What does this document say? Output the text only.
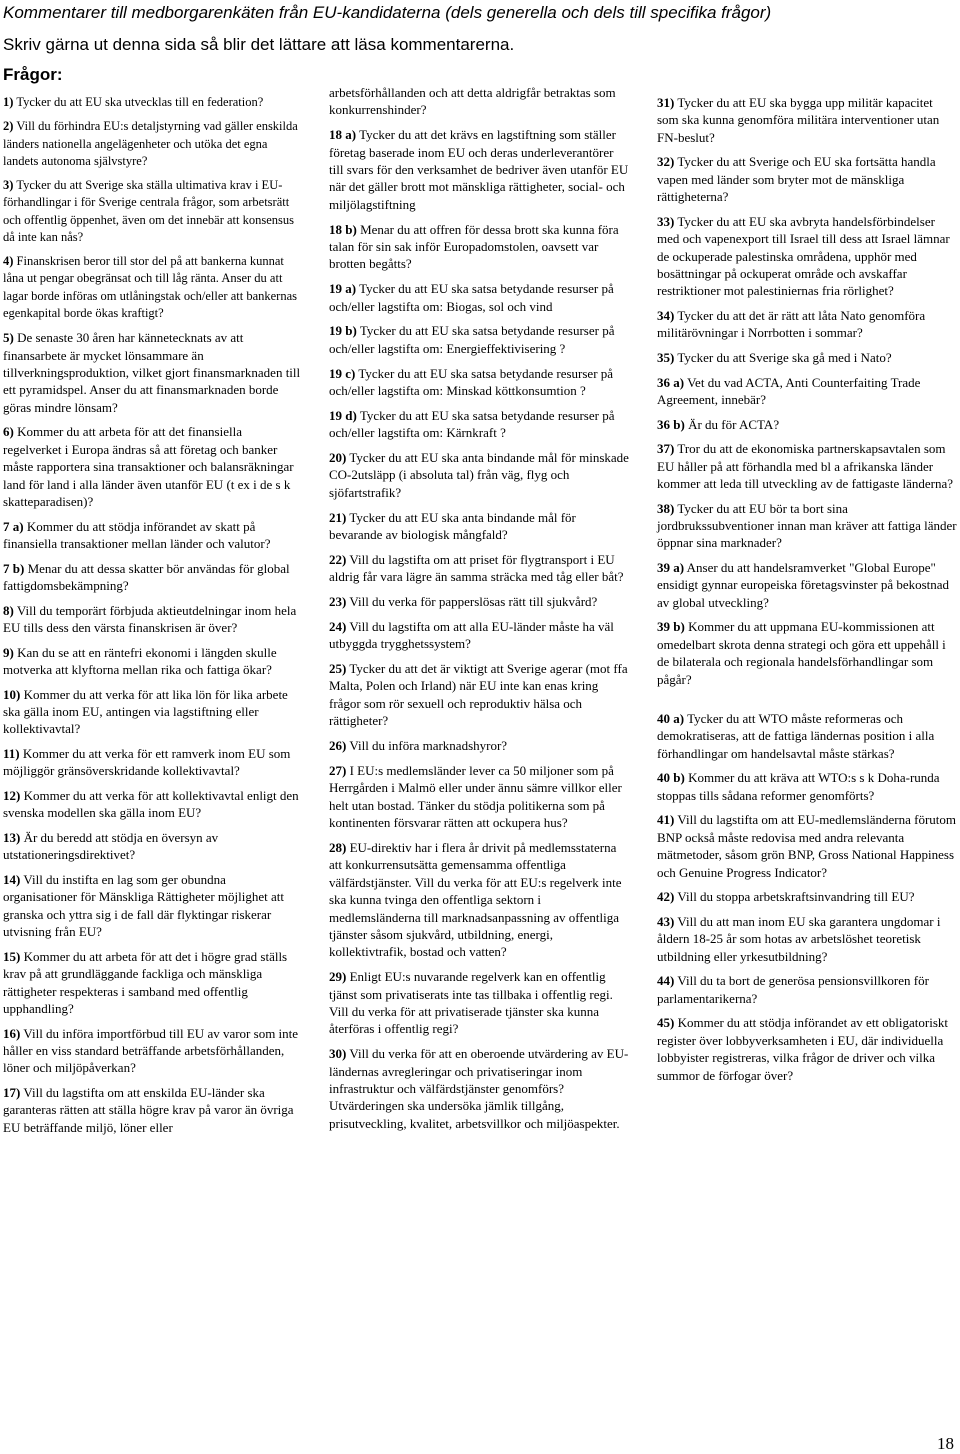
Kommentarer till medborgarenkäten från EU-kandidaterna (dels generella och dels till specifika frågor)
Skriv gärna ut denna sida så blir det lättare att läsa kommentarerna.
Frågor:

1) Tycker du att EU ska utvecklas till en federation?

2) Vill du förhindra EU:s detaljstyrning vad gäller enskilda länders nationella angelägenheter och utöka det egna landets autonoma självstyre?

3) Tycker du att Sverige ska ställa ultimativa krav i EU-förhandlingar i för Sverige centrala frågor, som arbetsrätt och offentlig öppenhet, även om det innebär att konsensus då inte kan nås?

4) Finanskrisen beror till stor del på att bankerna kunnat låna ut pengar obegränsat och till låg ränta. Anser du att lagar borde införas om utlåningstak och/eller att bankernas egenkapital borde ökas kraftigt?

5) De senaste 30 åren har kännetecknats av att finansarbete är mycket lönsammare än tillverkningsproduktion, vilket gjort finansmarknaden till ett pyramidspel. Anser du att finansmarknaden borde göras mindre lönsam?

6) Kommer du att arbeta för att det finansiella regelverket i Europa ändras så att företag och banker måste rapportera sina transaktioner och balansräkningar land för land i alla länder även utanför EU (t ex i de s k skatteparadisen)?

7 a) Kommer du att stödja införandet av skatt på finansiella transaktioner mellan länder och valutor?

7 b) Menar du att dessa skatter bör användas för global fattigdomsbekämpning?

8) Vill du temporärt förbjuda aktieutdelningar inom hela EU tills dess den värsta finanskrisen är över?

9) Kan du se att en räntefri ekonomi i längden skulle motverka att klyftorna mellan rika och fattiga ökar?

10) Kommer du att verka för att lika lön för lika arbete ska gälla inom EU, antingen via lagstiftning eller kollektivavtal?

11) Kommer du att verka för ett ramverk inom EU som möjliggör gränsöverskridande kollektivavtal?

12) Kommer du att verka för att kollektivavtal enligt den svenska modellen ska gälla inom EU?

13) Är du beredd att stödja en översyn av utstationeringsdirektivet?

14) Vill du instifta en lag som ger obundna organisationer för Mänskliga Rättigheter möjlighet att granska och yttra sig i de fall där flyktingar riskerar utvisning från EU?

15) Kommer du att arbeta för att det i högre grad ställs krav på att grundläggande fackliga och mänskliga rättigheter respekteras i samband med offentlig upphandling?

16) Vill du införa importförbud till EU av varor som inte håller en viss standard beträffande arbetsförhållanden, löner och miljöpåverkan?

17) Vill du lagstifta om att enskilda EU-länder ska garanteras rätten att ställa högre krav på varor än övriga EU beträffande miljö, löner eller

arbetsförhållanden och att detta aldrigfår betraktas som konkurrenshinder?

18 a) Tycker du att det krävs en lagstiftning som ställer företag baserade inom EU och deras underleverantörer till svars för den verksamhet de bedriver även utanför EU när det gäller brott mot mänskliga rättigheter, social- och miljölagstiftning

18 b) Menar du att offren för dessa brott ska kunna föra talan för sin sak inför Europadomstolen, oavsett var brotten begåtts?

19 a) Tycker du att EU ska satsa betydande resurser på och/eller lagstifta om: Biogas, sol och vind

19 b) Tycker du att EU ska satsa betydande resurser på och/eller lagstifta om: Energieffektivisering ?

19 c) Tycker du att EU ska satsa betydande resurser på och/eller lagstifta om: Minskad köttkonsumtion ?

19 d) Tycker du att EU ska satsa betydande resurser på och/eller lagstifta om: Kärnkraft ?

20) Tycker du att EU ska anta bindande mål för minskade CO-2utsläpp (i absoluta tal) från väg, flyg och sjöfartstrafik?

21) Tycker du att EU ska anta bindande mål för bevarande av biologisk mångfald?

22) Vill du lagstifta om att priset för flygtransport i EU aldrig får vara lägre än samma sträcka med tåg eller båt?

23) Vill du verka för papperslösas rätt till sjukvård?

24) Vill du lagstifta om att alla EU-länder måste ha väl utbyggda trygghetssystem?

25) Tycker du att det är viktigt att Sverige agerar (mot ffa Malta, Polen och Irland) när EU inte kan enas kring frågor som rör sexuell och reproduktiv hälsa och rättigheter?

26) Vill du införa marknadshyror?

27) I EU:s medlemsländer lever ca 50 miljoner som på Herrgården i Malmö eller under ännu sämre villkor eller helt utan bostad. Tänker du stödja politikerna som på kontinenten försvarar rätten att ockupera hus?

28) EU-direktiv har i flera år drivit på medlemsstaterna att konkurrensutsätta gemensamma offentliga välfärdstjänster. Vill du verka för att EU:s regelverk inte ska kunna tvinga den offentliga sektorn i medlemsländerna till marknadsanpassning av offentliga tjänster såsom sjukvård, utbildning, energi, kollektivtrafik, bostad och vatten?

29) Enligt EU:s nuvarande regelverk kan en offentlig tjänst som privatiserats inte tas tillbaka i offentlig regi. Vill du verka för att privatiserade tjänster ska kunna återföras i offentlig regi?

30) Vill du verka för att en oberoende utvärdering av EU-ländernas avregleringar och privatiseringar inom infrastruktur och välfärdstjänster genomförs? Utvärderingen ska undersöka jämlik tillgång, prisutveckling, kvalitet, arbetsvillkor och miljöaspekter.

31) Tycker du att EU ska bygga upp militär kapacitet som ska kunna genomföra militära interventioner utan FN-beslut?

32) Tycker du att Sverige och EU ska fortsätta handla vapen med länder som bryter mot de mänskliga rättigheterna?

33) Tycker du att EU ska avbryta handelsförbindelser med och vapenexport till Israel till dess att Israel lämnar de ockuperade palestinska områdena, upphör med bosättningar på ockuperat område och avskaffar restriktioner mot palestiniernas fria rörlighet?

34) Tycker du att det är rätt att låta Nato genomföra militärövningar i Norrbotten i sommar?

35) Tycker du att Sverige ska gå med i Nato?

36 a) Vet du vad ACTA, Anti Counterfaiting Trade Agreement, innebär?

36 b) Är du för ACTA?

37) Tror du att de ekonomiska partnerskapsavtalen som EU håller på att förhandla med bl a afrikanska länder kommer att leda till utveckling av de fattigaste länderna?

38) Tycker du att EU bör ta bort sina jordbrukssubventioner innan man kräver att fattiga länder öppnar sina marknader?

39 a) Anser du att handelsramverket "Global Europe" ensidigt gynnar europeiska företagsvinster på bekostnad av global utveckling?

39 b) Kommer du att uppmana EU-kommissionen att omedelbart skrota denna strategi och göra ett uppehåll i de bilaterala och regionala handelsförhandlingar som pågår?

40 a) Tycker du att WTO måste reformeras och demokratiseras, att de fattiga ländernas position i alla förhandlingar om handelsavtal måste stärkas?

40 b) Kommer du att kräva att WTO:s s k Doha-runda stoppas tills sådana reformer genomförts?

41) Vill du lagstifta om att EU-medlemsländerna förutom BNP också måste redovisa med andra relevanta mätmetoder, såsom grön BNP, Gross National Happiness och Genuine Progress Indicator?

42) Vill du stoppa arbetskraftsinvandring till EU?

43) Vill du att man inom EU ska garantera ungdomar i åldern 18-25 år som hotas av arbetslöshet teoretisk utbildning eller yrkesutbildning?

44) Vill du ta bort de generösa pensionsvillkoren för parlamentarikerna?

45) Kommer du att stödja införandet av ett obligatoriskt register över lobbyverksamheten i EU, där individuella lobbyister registreras, vilka frågor de driver och vilka summor de förfogar över?

18
